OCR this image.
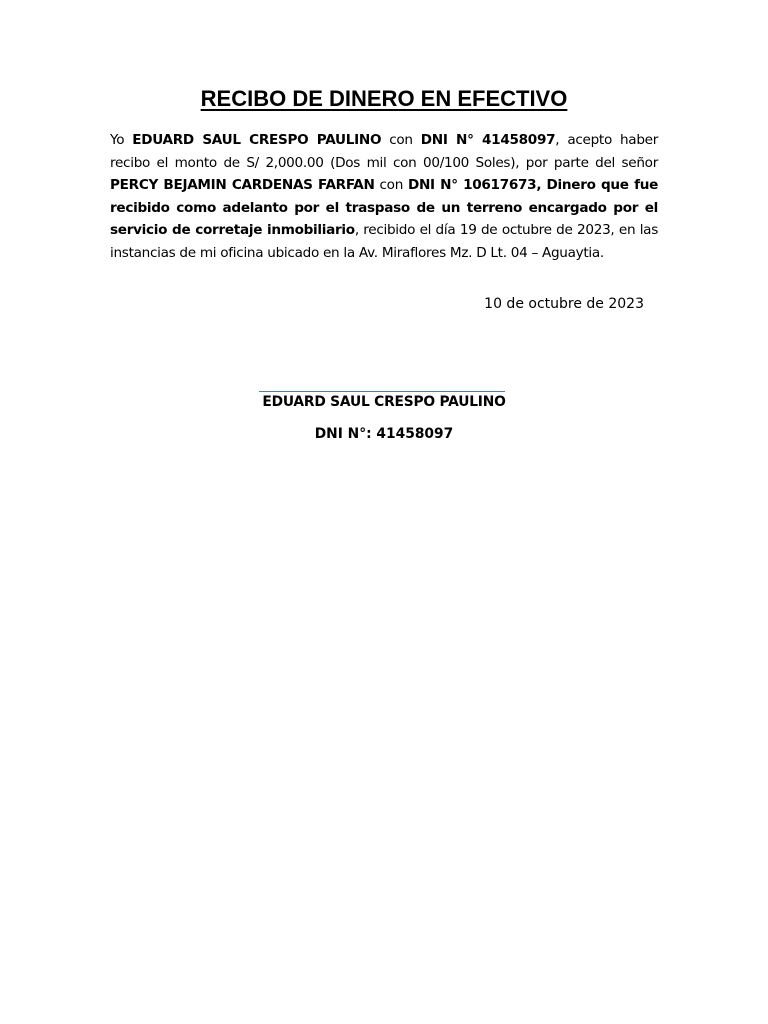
RECIBO DE DINERO EN EFECTIVO

Yo EDUARD SAUL CRESPO PAULINO con DNI N° 41458097, acepto haber recibo el monto de S/ 2,000.00 (Dos mil con 00/100 Soles), por parte del señor PERCY BEJAMIN CARDENAS FARFAN con DNI N° 10617673, Dinero que fue recibido como adelanto por el traspaso de un terreno encargado por el servicio de corretaje inmobiliario, recibido el día 19 de octubre de 2023, en las instancias de mi oficina ubicado en la Av. Miraflores Mz. D Lt. 04 – Aguaytia.

10 de octubre de 2023

EDUARD SAUL CRESPO PAULINO

DNI N°: 41458097
